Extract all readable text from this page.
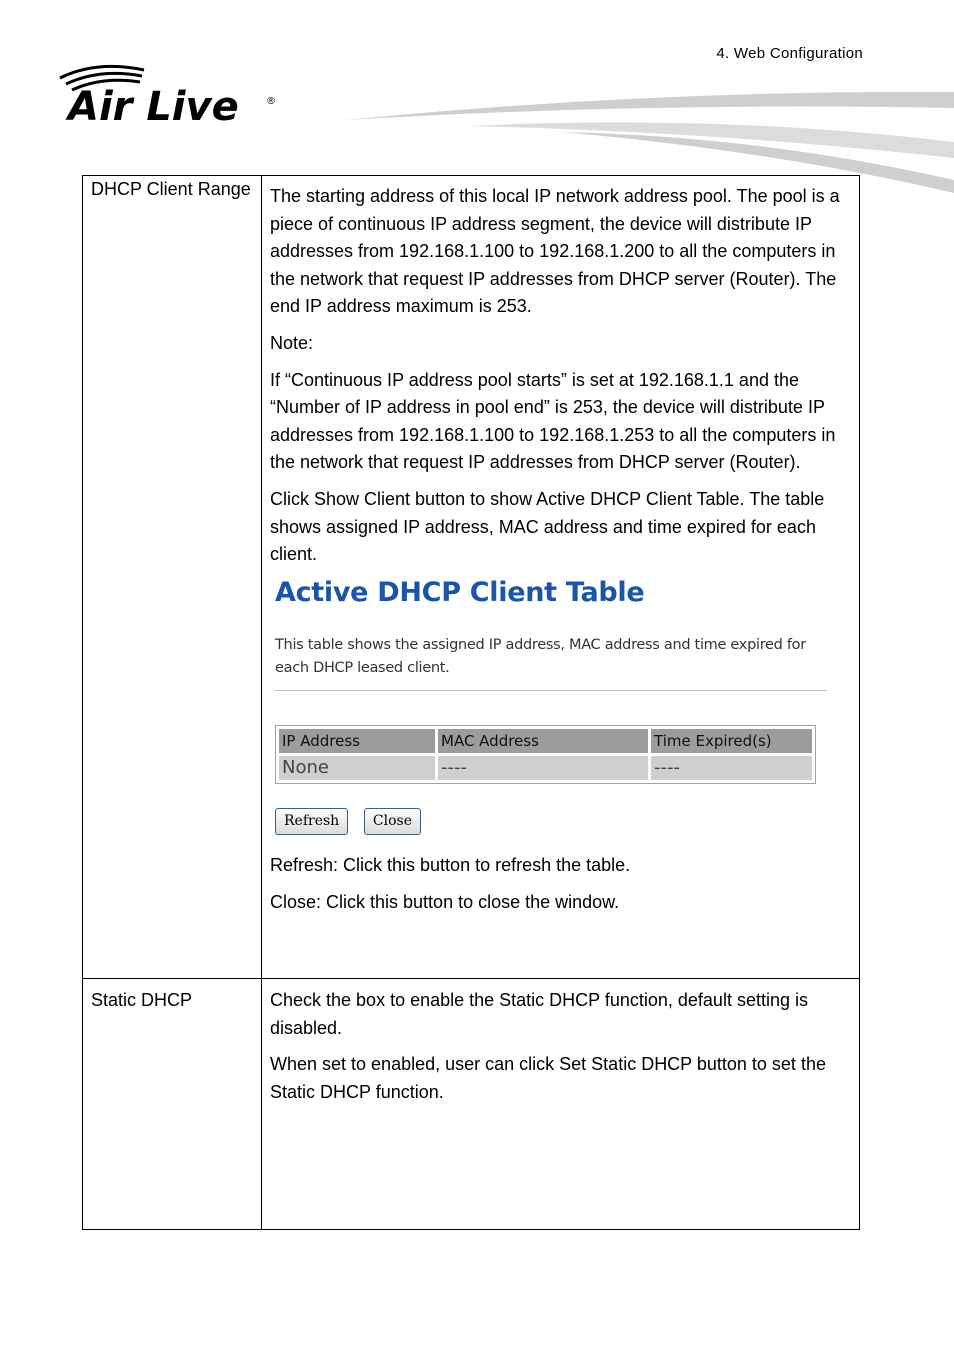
4. Web Configuration
Air Live	®
DHCP Client Range	The starting address of this local IP network address pool. The pool is a piece of continuous IP address segment, the device will distribute IP addresses from 192.168.1.100 to 192.168.1.200 to all the computers in the network that request IP addresses from DHCP server (Router). The end IP address maximum is 253.

Note:

If “Continuous IP address pool starts” is set at 192.168.1.1 and the “Number of IP address in pool end” is 253, the device will distribute IP addresses from 192.168.1.100 to 192.168.1.253 to all the computers in the network that request IP addresses from DHCP server (Router).

Click Show Client button to show Active DHCP Client Table. The table shows assigned IP address, MAC address and time expired for each client.

Active DHCP Client Table
This table shows the assigned IP address, MAC address and time expired for each DHCP leased client.
IP Address	MAC Address	Time Expired(s)
None	----	----
Refresh Close

Refresh: Click this button to refresh the table.

Close: Click this button to close the window.

Static DHCP	Check the box to enable the Static DHCP function, default setting is disabled.

When set to enabled, user can click Set Static DHCP button to set the Static DHCP function.
